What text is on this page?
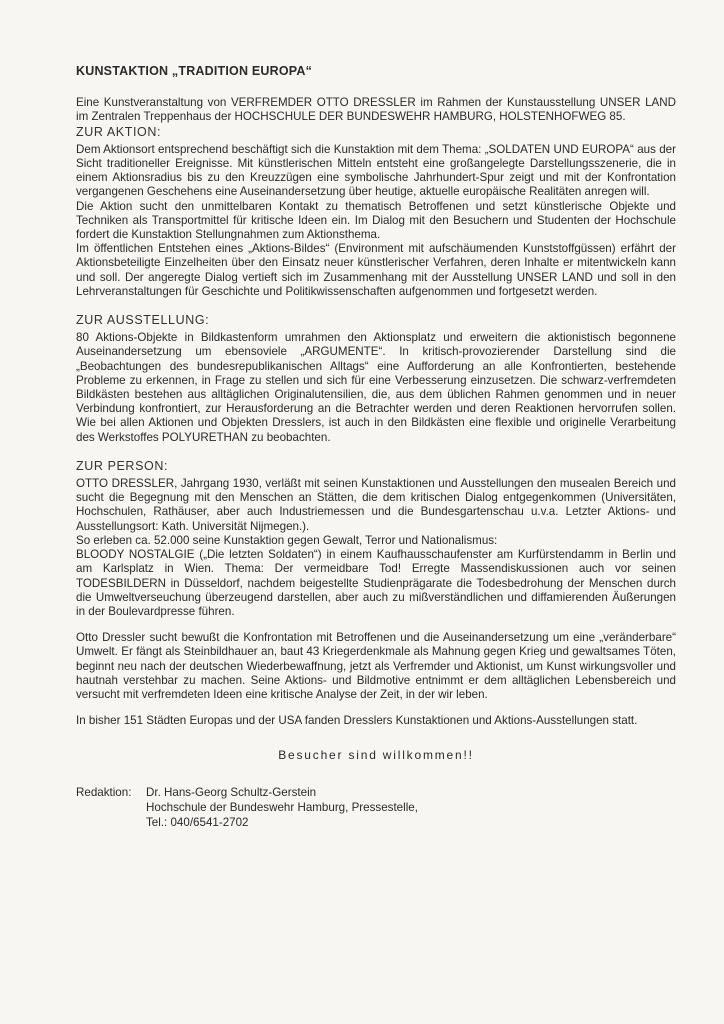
KUNSTAKTION „TRADITION EUROPA“

Eine Kunstveranstaltung von VERFREMDER OTTO DRESSLER im Rahmen der Kunstausstellung UNSER LAND im Zentralen Treppenhaus der HOCHSCHULE DER BUNDESWEHR HAMBURG, HOLSTENHOFWEG 85.

ZUR AKTION:

Dem Aktionsort entsprechend beschäftigt sich die Kunstaktion mit dem Thema: „SOLDATEN UND EUROPA“ aus der Sicht traditioneller Ereignisse. Mit künstlerischen Mitteln entsteht eine großangelegte Darstellungsszenerie, die in einem Aktionsradius bis zu den Kreuzzügen eine symbolische Jahrhundert-Spur zeigt und mit der Konfrontation vergangenen Geschehens eine Auseinandersetzung über heutige, aktuelle europäische Realitäten anregen will.

Die Aktion sucht den unmittelbaren Kontakt zu thematisch Betroffenen und setzt künstlerische Objekte und Techniken als Transportmittel für kritische Ideen ein. Im Dialog mit den Besuchern und Studenten der Hochschule fordert die Kunstaktion Stellungnahmen zum Aktionsthema.

Im öffentlichen Entstehen eines „Aktions-Bildes“ (Environment mit aufschäumenden Kunststoffgüssen) erfährt der Aktionsbeteiligte Einzelheiten über den Einsatz neuer künstlerischer Verfahren, deren Inhalte er mitentwickeln kann und soll. Der angeregte Dialog vertieft sich im Zusammenhang mit der Ausstellung UNSER LAND und soll in den Lehrveranstaltungen für Geschichte und Politikwissenschaften aufgenommen und fortgesetzt werden.

ZUR AUSSTELLUNG:

80 Aktions-Objekte in Bildkastenform umrahmen den Aktionsplatz und erweitern die aktionistisch begonnene Auseinandersetzung um ebensoviele „ARGUMENTE“. In kritisch-provozierender Darstellung sind die „Beobachtungen des bundesrepublikanischen Alltags“ eine Aufforderung an alle Konfrontierten, bestehende Probleme zu erkennen, in Frage zu stellen und sich für eine Verbesserung einzusetzen. Die schwarz-verfremdeten Bildkästen bestehen aus alltäglichen Originalutensilien, die, aus dem üblichen Rahmen genommen und in neuer Verbindung konfrontiert, zur Herausforderung an die Betrachter werden und deren Reaktionen hervorrufen sollen. Wie bei allen Aktionen und Objekten Dresslers, ist auch in den Bildkästen eine flexible und originelle Verarbeitung des Werkstoffes POLYURETHAN zu beobachten.

ZUR PERSON:

OTTO DRESSLER, Jahrgang 1930, verläßt mit seinen Kunstaktionen und Ausstellungen den musealen Bereich und sucht die Begegnung mit den Menschen an Stätten, die dem kritischen Dialog entgegenkommen (Universitäten, Hochschulen, Rathäuser, aber auch Industriemessen und die Bundesgartenschau u.v.a. Letzter Aktions- und Ausstellungsort: Kath. Universität Nijmegen.).

So erleben ca. 52.000 seine Kunstaktion gegen Gewalt, Terror und Nationalismus:

BLOODY NOSTALGIE („Die letzten Soldaten“) in einem Kaufhausschaufenster am Kurfürstendamm in Berlin und am Karlsplatz in Wien. Thema: Der vermeidbare Tod! Erregte Massendiskussionen auch vor seinen TODESBILDERN in Düsseldorf, nachdem beigestellte Studienprägarate die Todesbedrohung der Menschen durch die Umweltverseuchung überzeugend darstellen, aber auch zu mißverständlichen und diffamierenden Äußerungen in der Boulevardpresse führen.

Otto Dressler sucht bewußt die Konfrontation mit Betroffenen und die Auseinandersetzung um eine „veränderbare“ Umwelt. Er fängt als Steinbildhauer an, baut 43 Kriegerdenkmale als Mahnung gegen Krieg und gewaltsames Töten, beginnt neu nach der deutschen Wiederbewaffnung, jetzt als Verfremder und Aktionist, um Kunst wirkungsvoller und hautnah verstehbar zu machen. Seine Aktions- und Bildmotive entnimmt er dem alltäglichen Lebensbereich und versucht mit verfremdeten Ideen eine kritische Analyse der Zeit, in der wir leben.

In bisher 151 Städten Europas und der USA fanden Dresslers Kunstaktionen und Aktions-Ausstellungen statt.

Besucher sind willkommen!!
Redaktion:	Dr. Hans-Georg Schultz-Gerstein
Hochschule der Bundeswehr Hamburg, Pressestelle,
Tel.: 040/6541-2702
